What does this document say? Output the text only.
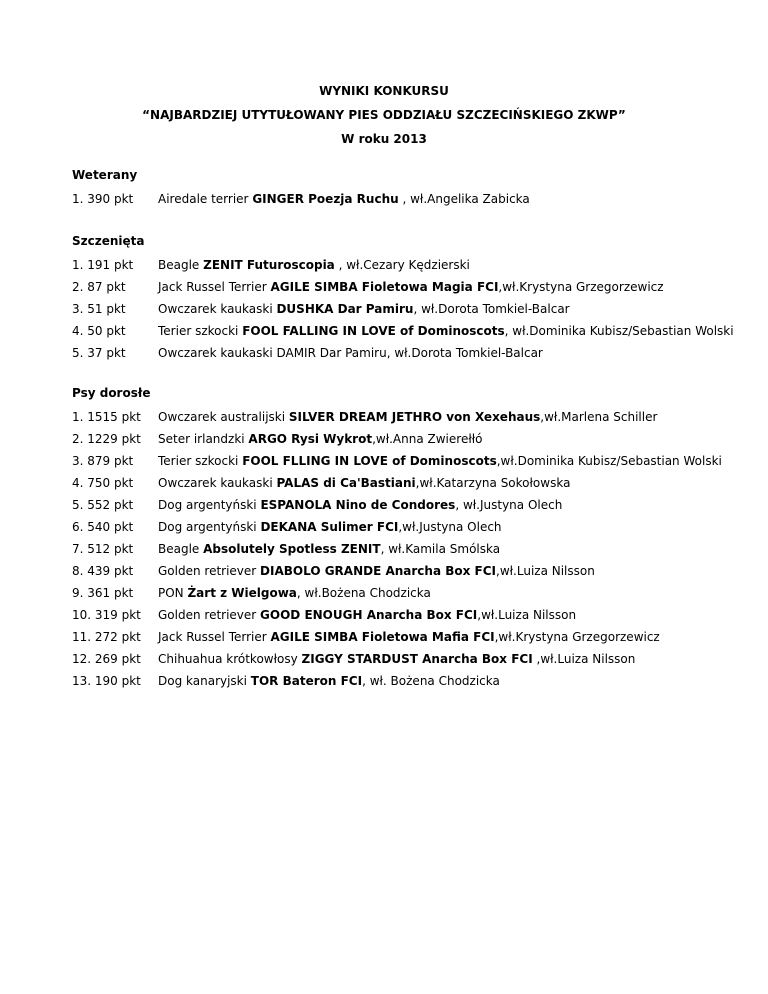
WYNIKI KONKURSU
“NAJBARDZIEJ UTYTUŁOWANY PIES ODDZIAŁU SZCZECIŃSKIEGO ZKWP”
W roku 2013
Weterany
1. 390 pkt Airedale terrier GINGER Poezja Ruchu , wł.Angelika Zabicka
Szczenięta
1. 191 pkt Beagle ZENIT Futuroscopia , wł.Cezary Kędzierski
2. 87 pkt	Jack Russel Terrier AGILE SIMBA Fioletowa Magia FCI,wł.Krystyna Grzegorzewicz
3. 51 pkt	Owczarek kaukaski DUSHKA Dar Pamiru, wł.Dorota Tomkiel-Balcar
4. 50 pkt	Terier szkocki FOOL FALLING IN LOVE of Dominoscots, wł.Dominika Kubisz/Sebastian Wolski
5. 37 pkt	Owczarek kaukaski DAMIR Dar Pamiru, wł.Dorota Tomkiel-Balcar
Psy dorosłe
1. 1515 pkt Owczarek australijski SILVER DREAM JETHRO von Xexehaus,wł.Marlena Schiller
2. 1229 pkt Seter irlandzki ARGO Rysi Wykrot,wł.Anna Zwierełłó
3. 879 pkt Terier szkocki FOOL FLLING IN LOVE of Dominoscots,wł.Dominika Kubisz/Sebastian Wolski
4. 750 pkt Owczarek kaukaski PALAS di Ca'Bastiani,wł.Katarzyna Sokołowska
5. 552 pkt Dog argentyński ESPANOLA Nino de Condores, wł.Justyna Olech
6. 540 pkt Dog argentyński DEKANA Sulimer FCI,wł.Justyna Olech
7. 512 pkt Beagle Absolutely Spotless ZENIT, wł.Kamila Smólska
8. 439 pkt Golden retriever DIABOLO GRANDE Anarcha Box FCI,wł.Luiza Nilsson
9. 361 pkt PON Żart z Wielgowa, wł.Bożena Chodzicka
10. 319 pkt Golden retriever GOOD ENOUGH Anarcha Box FCI,wł.Luiza Nilsson
11. 272 pkt Jack Russel Terrier AGILE SIMBA Fioletowa Mafia FCI,wł.Krystyna Grzegorzewicz
12. 269 pkt Chihuahua krótkowłosy ZIGGY STARDUST Anarcha Box FCI ,wł.Luiza Nilsson
13. 190 pkt Dog kanaryjski TOR Bateron FCI, wł. Bożena Chodzicka
